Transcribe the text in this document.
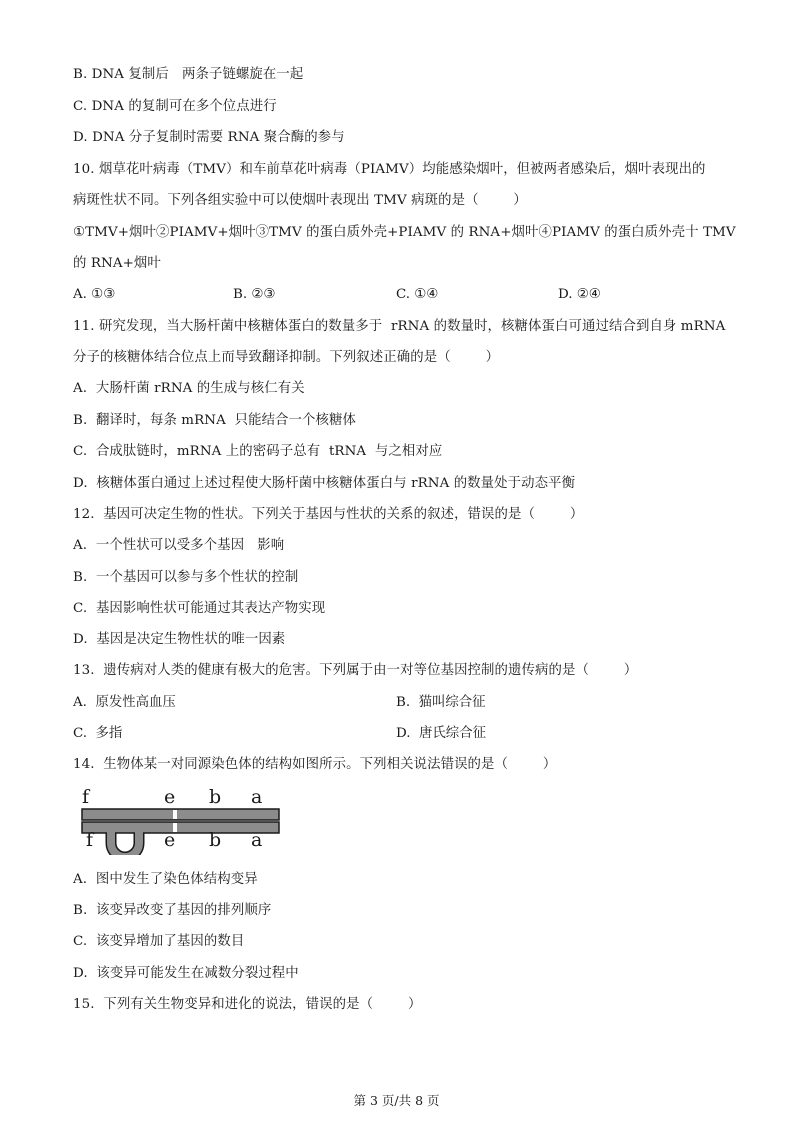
B. DNA 复制后   两条子链螺旋在一起
C. DNA 的复制可在多个位点进行
D. DNA 分子复制时需要 RNA 聚合酶的参与
10. 烟草花叶病毒（TMV）和车前草花叶病毒（PIAMV）均能感染烟叶，但被两者感染后，烟叶表现出的
病斑性状不同。下列各组实验中可以使烟叶表现出 TMV 病斑的是（        ）
①TMV+烟叶②PIAMV+烟叶③TMV 的蛋白质外壳+PIAMV 的 RNA+烟叶④PIAMV 的蛋白质外壳十 TMV
的 RNA+烟叶
A. ①③	B. ②③	C. ①④	D. ②④
11. 研究发现，当大肠杆菌中核糖体蛋白的数量多于  rRNA 的数量时，核糖体蛋白可通过结合到自身 mRNA
分子的核糖体结合位点上而导致翻译抑制。下列叙述正确的是（        ）
A.  大肠杆菌 rRNA 的生成与核仁有关
B.  翻译时，每条 mRNA  只能结合一个核糖体
C.  合成肽链时，mRNA 上的密码子总有  tRNA  与之相对应
D.  核糖体蛋白通过上述过程使大肠杆菌中核糖体蛋白与 rRNA 的数量处于动态平衡
12.  基因可决定生物的性状。下列关于基因与性状的关系的叙述，错误的是（        ）
A.  一个性状可以受多个基因   影响
B.  一个基因可以参与多个性状的控制
C.  基因影响性状可能通过其表达产物实现
D.  基因是决定生物性状的唯一因素
13.  遗传病对人类的健康有极大的危害。下列属于由一对等位基因控制的遗传病的是（        ）
A.  原发性高血压	B.  猫叫综合征
C.  多指	D.  唐氏综合征
14.  生物体某一对同源染色体的结构如图所示。下列相关说法错误的是（        ）
f	e b a
f	e b a
A.  图中发生了染色体结构变异
B.  该变异改变了基因的排列顺序
C.  该变异增加了基因的数目
D.  该变异可能发生在减数分裂过程中
15.  下列有关生物变异和进化的说法，错误的是（        ）
第 3 页/共 8 页
